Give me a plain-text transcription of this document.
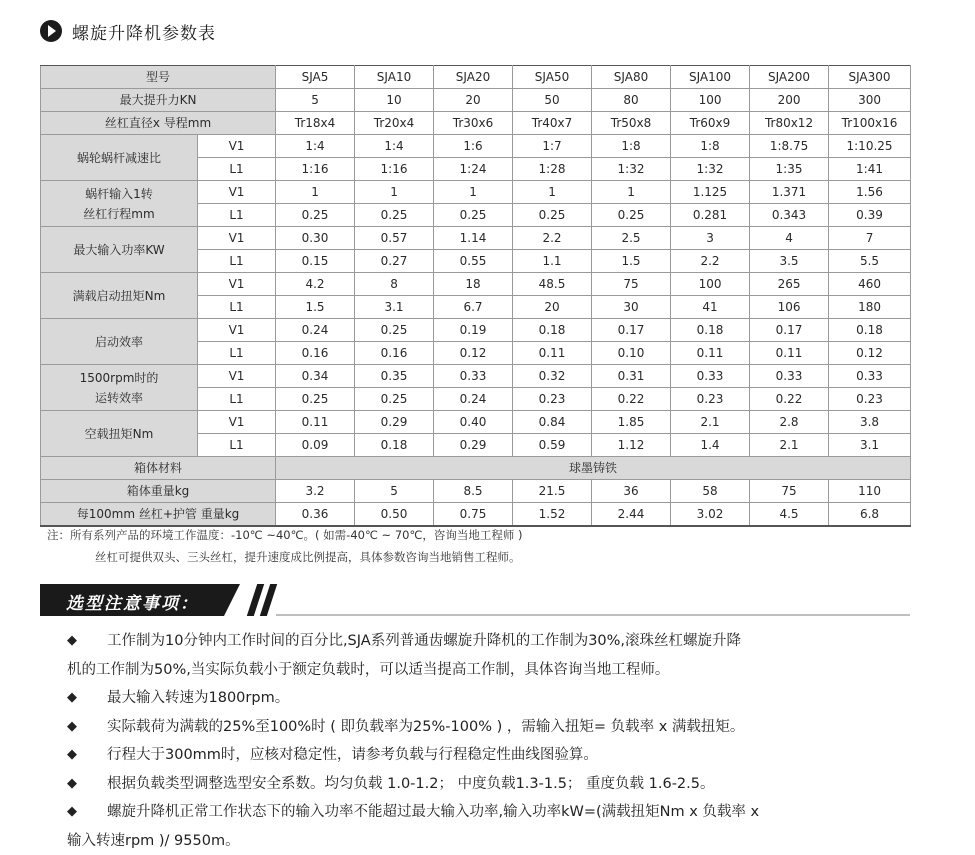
螺旋升降机参数表
型号		SJA5	SJA10	SJA20	SJA50	SJA80	SJA100	SJA200	SJA300
最大提升力KN		5	10	20	50	80	100	200	300
丝杠直径x 导程mm		Tr18x4	Tr20x4	Tr30x6	Tr40x7	Tr50x8	Tr60x9	Tr80x12	Tr100x16

蜗轮蜗杆减速比	V1	1:4	1:4	1:6	1:7	1:8	1:8	1:8.75	1:10.25
	L1	1:16	1:16	1:24	1:28	1:32	1:32	1:35	1:41

蜗杆输入1转
丝杠行程mm	V1	1	1	1	1	1	1.125	1.371	1.56
	L1	0.25	0.25	0.25	0.25	0.25	0.281	0.343	0.39

最大输入功率KW	V1	0.30	0.57	1.14	2.2	2.5	3	4	7
	L1	0.15	0.27	0.55	1.1	1.5	2.2	3.5	5.5

满载启动扭矩Nm	V1	4.2	8	18	48.5	75	100	265	460
	L1	1.5	3.1	6.7	20	30	41	106	180

启动效率	V1	0.24	0.25	0.19	0.18	0.17	0.18	0.17	0.18
	L1	0.16	0.16	0.12	0.11	0.10	0.11	0.11	0.12

1500rpm时的
运转效率	V1	0.34	0.35	0.33	0.32	0.31	0.33	0.33	0.33
	L1	0.25	0.25	0.24	0.23	0.22	0.23	0.22	0.23

空载扭矩Nm	V1	0.11	0.29	0.40	0.84	1.85	2.1	2.8	3.8
	L1	0.09	0.18	0.29	0.59	1.12	1.4	2.1	3.1
箱体材料		球墨铸铁							
箱体重量kg		3.2	5	8.5	21.5	36	58	75	110
每100mm 丝杠+护管 重量kg		0.36	0.50	0.75	1.52	2.44	3.02	4.5	6.8
注：所有系列产品的环境工作温度：-10℃ ~40℃。( 如需-40℃ ~ 70℃，咨询当地工程师 )
丝杠可提供双头、三头丝杠，提升速度成比例提高，具体参数咨询当地销售工程师。
选型注意事项：
◆ 工作制为10分钟内工作时间的百分比,SJA系列普通齿螺旋升降机的工作制为30%,滚珠丝杠螺旋升降
机的工作制为50%,当实际负载小于额定负载时，可以适当提高工作制，具体咨询当地工程师。
◆ 最大输入转速为1800rpm。
◆ 实际载荷为满载的25%至100%时 ( 即负载率为25%-100% ) ，需输入扭矩= 负载率 x 满载扭矩。
◆ 行程大于300mm时，应核对稳定性，请参考负载与行程稳定性曲线图验算。
◆ 根据负载类型调整选型安全系数。均匀负载 1.0-1.2； 中度负载1.3-1.5； 重度负载 1.6-2.5。
◆ 螺旋升降机正常工作状态下的输入功率不能超过最大输入功率,输入功率kW=(满载扭矩Nm x 负载率 x
输入转速rpm )/ 9550m。
